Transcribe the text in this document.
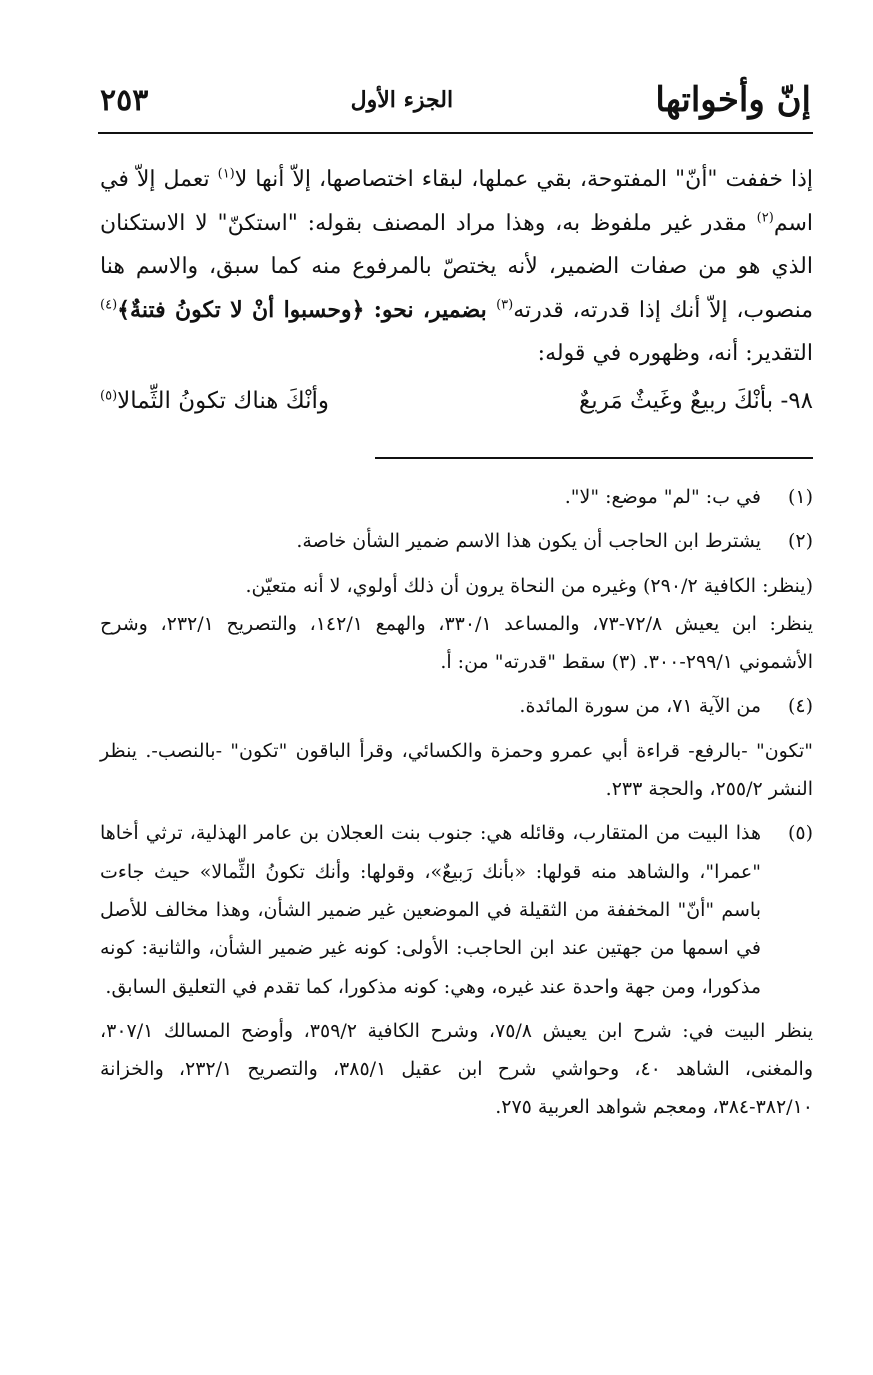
إنّ وأخواتها
الجزء الأول
٢٥٣

إذا خففت "أنّ" المفتوحة، بقي عملها، لبقاء اختصاصها، إلاّ أنها لا$^{(١)}$ تعمل إلاّ في اسم$^{(٢)}$ مقدر غير ملفوظ به، وهذا مراد المصنف بقوله: "استكنّ" لا الاستكنان الذي هو من صفات الضمير، لأنه يختصّ بالمرفوع منه كما سبق، والاسم هنا منصوب، إلاّ أنك إذا قدرته، قدرته$^{(٣)}$ بضمير، نحو: ﴿وحسبوا أنْ لا تكونُ فتنةٌ﴾$^{(٤)}$ التقدير: أنه، وظهوره في قوله:

٩٨- بأنْكَ ربيعٌ وغَيثٌ مَريعٌ
وأنْكَ هناك تكونُ الثِّمالا$^{(٥)}$
(١)

في ب: "لم" موضع: "لا".

(٢)

يشترط ابن الحاجب أن يكون هذا الاسم ضمير الشأن خاصة.

(ينظر: الكافية ٢٩٠/٢) وغيره من النحاة يرون أن ذلك أولوي، لا أنه متعيّن.
ينظر: ابن يعيش ٧٢/٨-٧٣، والمساعد ٣٣٠/١، والهمع ١٤٢/١، والتصريح ٢٣٢/١، وشرح الأشموني ٢٩٩/١-٣٠٠. (٣) سقط "قدرته" من: أ.
(٤)

من الآية ٧١، من سورة المائدة.

"تكون" -بالرفع- قراءة أبي عمرو وحمزة والكسائي، وقرأ الباقون "تكون" -بالنصب-. ينظر النشر ٢٥٥/٢، والحجة ٢٣٣.
(٥)

هذا البيت من المتقارب، وقائله هي: جنوب بنت العجلان بن عامر الهذلية، ترثي أخاها "عمرا"، والشاهد منه قولها: «بأنك رَبيعٌ»، وقولها: وأنك تكونُ الثِّمالا» حيث جاءت باسم "أنّ" المخففة من الثقيلة في الموضعين غير ضمير الشأن، وهذا مخالف للأصل في اسمها من جهتين عند ابن الحاجب: الأولى: كونه غير ضمير الشأن، والثانية: كونه مذكورا، ومن جهة واحدة عند غيره، وهي: كونه مذكورا، كما تقدم في التعليق السابق.

ينظر البيت في: شرح ابن يعيش ٧٥/٨، وشرح الكافية ٣٥٩/٢، وأوضح المسالك ٣٠٧/١، والمغنى، الشاهد ٤٠، وحواشي شرح ابن عقيل ٣٨٥/١، والتصريح ٢٣٢/١، والخزانة ٣٨٢/١٠-٣٨٤، ومعجم شواهد العربية ٢٧٥.
